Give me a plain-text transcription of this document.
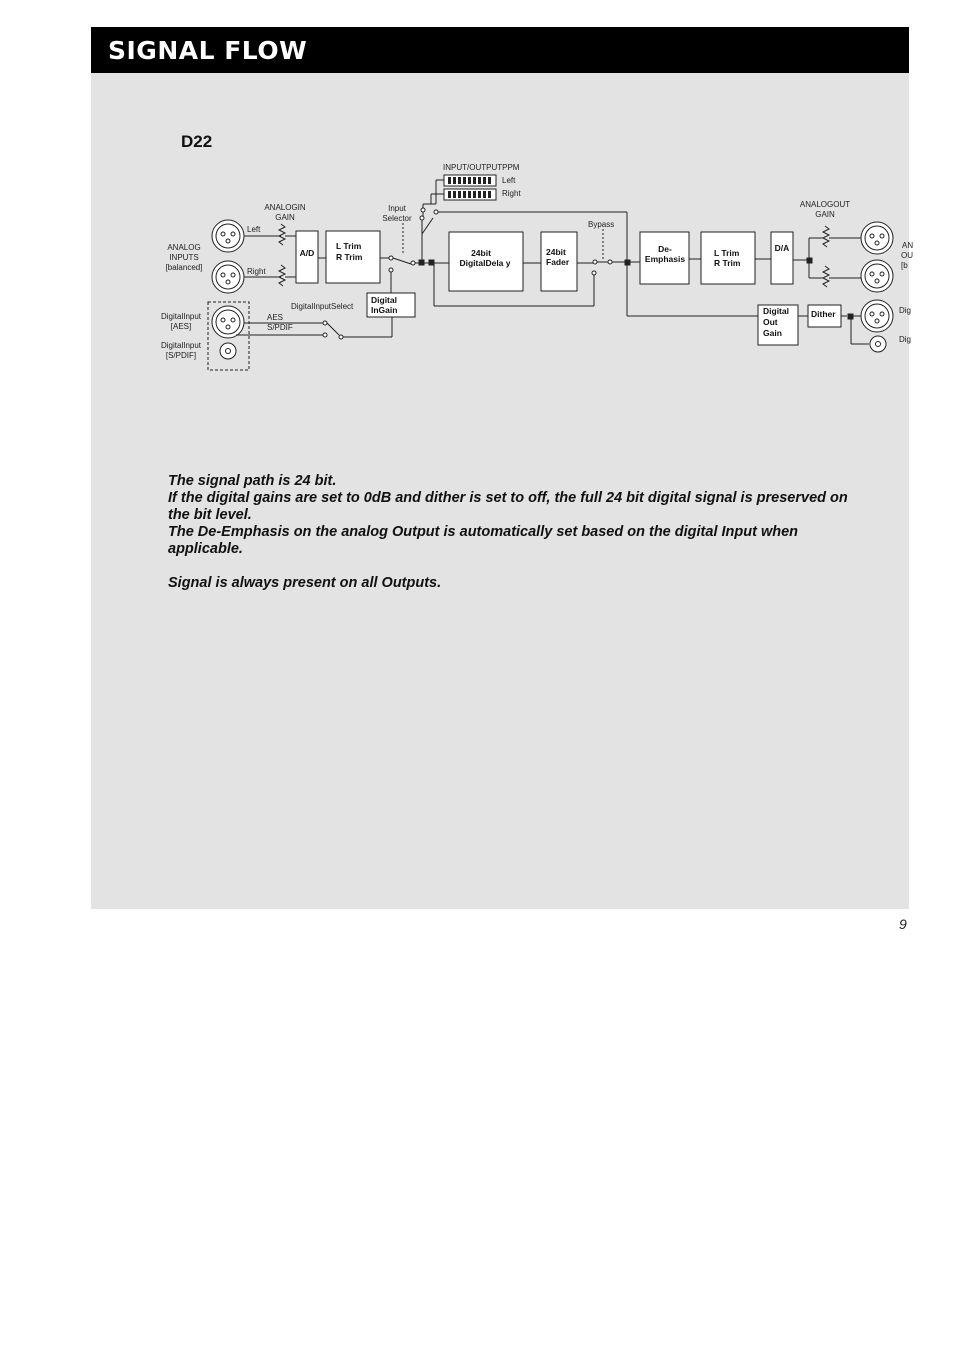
SIGNAL FLOW
D22
INPUT/OUTPUTPPM
Left
Right
ANALOGIN
GAIN
Input
Selector
ANALOG
INPUTS
[balanced]
Left
Right
Bypass
ANALOGOUT
GAIN
AN
OU
[b
DigitalInputSelect
DigitalInput
[AES]
DigitalInput
[S/PDIF]
AES
S/PDIF
Dig
Dig
A/D
L Trim
R Trim	24bit
DigitalDela y
24bit
Fader
De-
Emphasis
L Trim
R Trim
D/A
Digital
InGain	Digital
Out
Gain
Dither

The signal path is 24 bit.

If the digital gains are set to 0dB and dither is set to off, the full 24 bit digital signal is preserved on the bit level.

The De-Emphasis on the analog Output is automatically set based on the digital Input when applicable.

Signal is always present on all Outputs.

9
